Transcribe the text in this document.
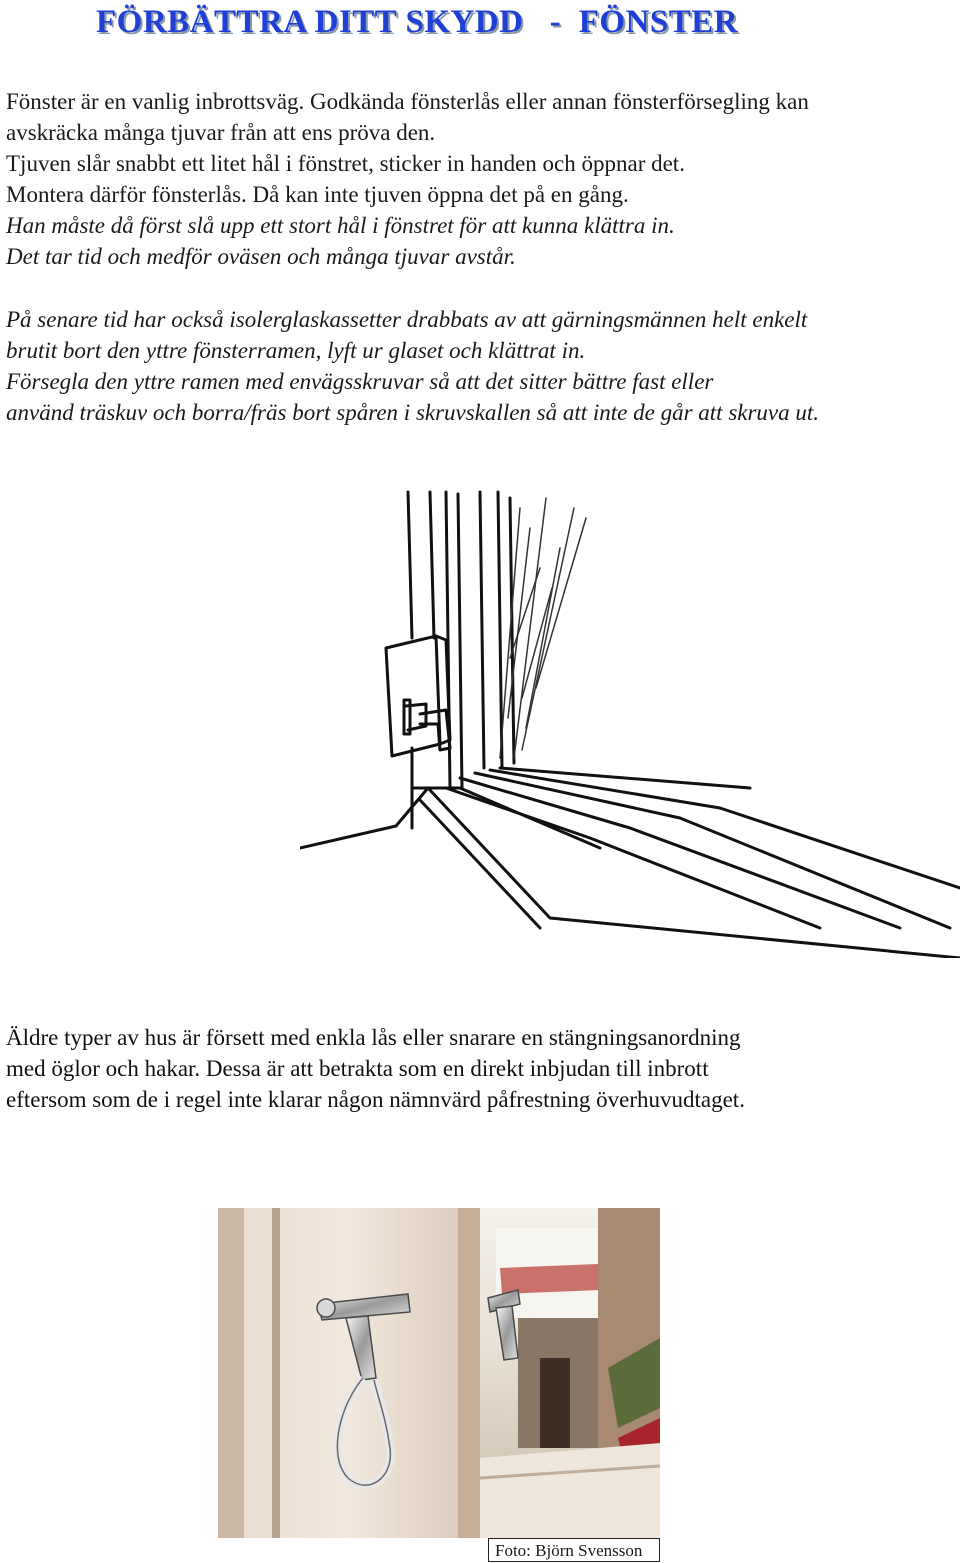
FÖRBÄTTRA DITT SKYDD   -  FÖNSTER
Fönster är en vanlig inbrottsväg. Godkända fönsterlås eller annan fönsterförsegling kan
avskräcka många tjuvar från att ens pröva den.
Tjuven slår snabbt ett litet hål i fönstret, sticker in handen och öppnar det.
Montera därför fönsterlås. Då kan inte tjuven öppna det på en gång.
Han måste då först slå upp ett stort hål i fönstret för att kunna klättra in.
Det tar tid och medför oväsen och många tjuvar avstår.
På senare tid har också isolerglaskassetter drabbats av att gärningsmännen helt enkelt
brutit bort den yttre fönsterramen, lyft ur glaset och klättrat in.
Försegla den yttre ramen med envägsskruvar så att det sitter bättre fast eller
använd träskuv och borra/fräs bort spåren i skruvskallen så att inte de går att skruva ut.
Äldre typer av hus är försett med enkla lås eller snarare en stängningsanordning
med öglor och hakar. Dessa är att betrakta som en direkt inbjudan till inbrott
eftersom som de i regel inte klarar någon nämnvärd påfrestning överhuvudtaget.
Foto: Björn Svensson
